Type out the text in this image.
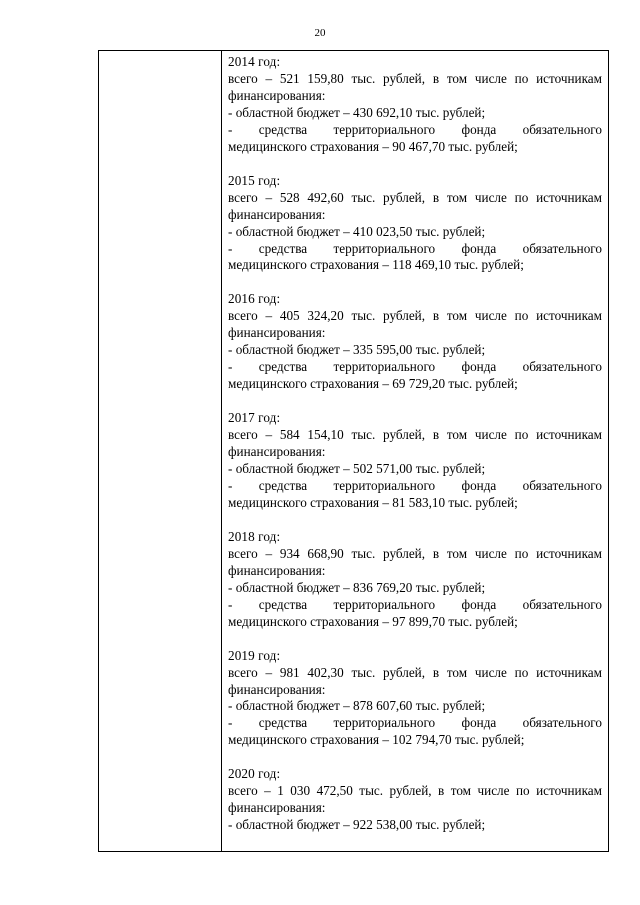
20

2014 год:
всего – 521 159,80 тыс. рублей, в том числе по источникам
финансирования:
- областной бюджет – 430 692,10 тыс. рублей;
- средства территориального фонда обязательного
медицинского страхования – 90 467,70 тыс. рублей;
2015 год:
всего – 528 492,60 тыс. рублей, в том числе по источникам
финансирования:
- областной бюджет – 410 023,50 тыс. рублей;
- средства территориального фонда обязательного
медицинского страхования – 118 469,10 тыс. рублей;
2016 год:
всего – 405 324,20 тыс. рублей, в том числе по источникам
финансирования:
- областной бюджет – 335 595,00 тыс. рублей;
- средства территориального фонда обязательного
медицинского страхования – 69 729,20 тыс. рублей;
2017 год:
всего – 584 154,10 тыс. рублей, в том числе по источникам
финансирования:
- областной бюджет – 502 571,00 тыс. рублей;
- средства территориального фонда обязательного
медицинского страхования – 81 583,10 тыс. рублей;
2018 год:
всего – 934 668,90 тыс. рублей, в том числе по источникам
финансирования:
- областной бюджет – 836 769,20 тыс. рублей;
- средства территориального фонда обязательного
медицинского страхования – 97 899,70 тыс. рублей;
2019 год:
всего – 981 402,30 тыс. рублей, в том числе по источникам
финансирования:
- областной бюджет – 878 607,60 тыс. рублей;
- средства территориального фонда обязательного
медицинского страхования – 102 794,70 тыс. рублей;
2020 год:
всего – 1 030 472,50 тыс. рублей, в том числе по источникам
финансирования:
- областной бюджет – 922 538,00 тыс. рублей;
